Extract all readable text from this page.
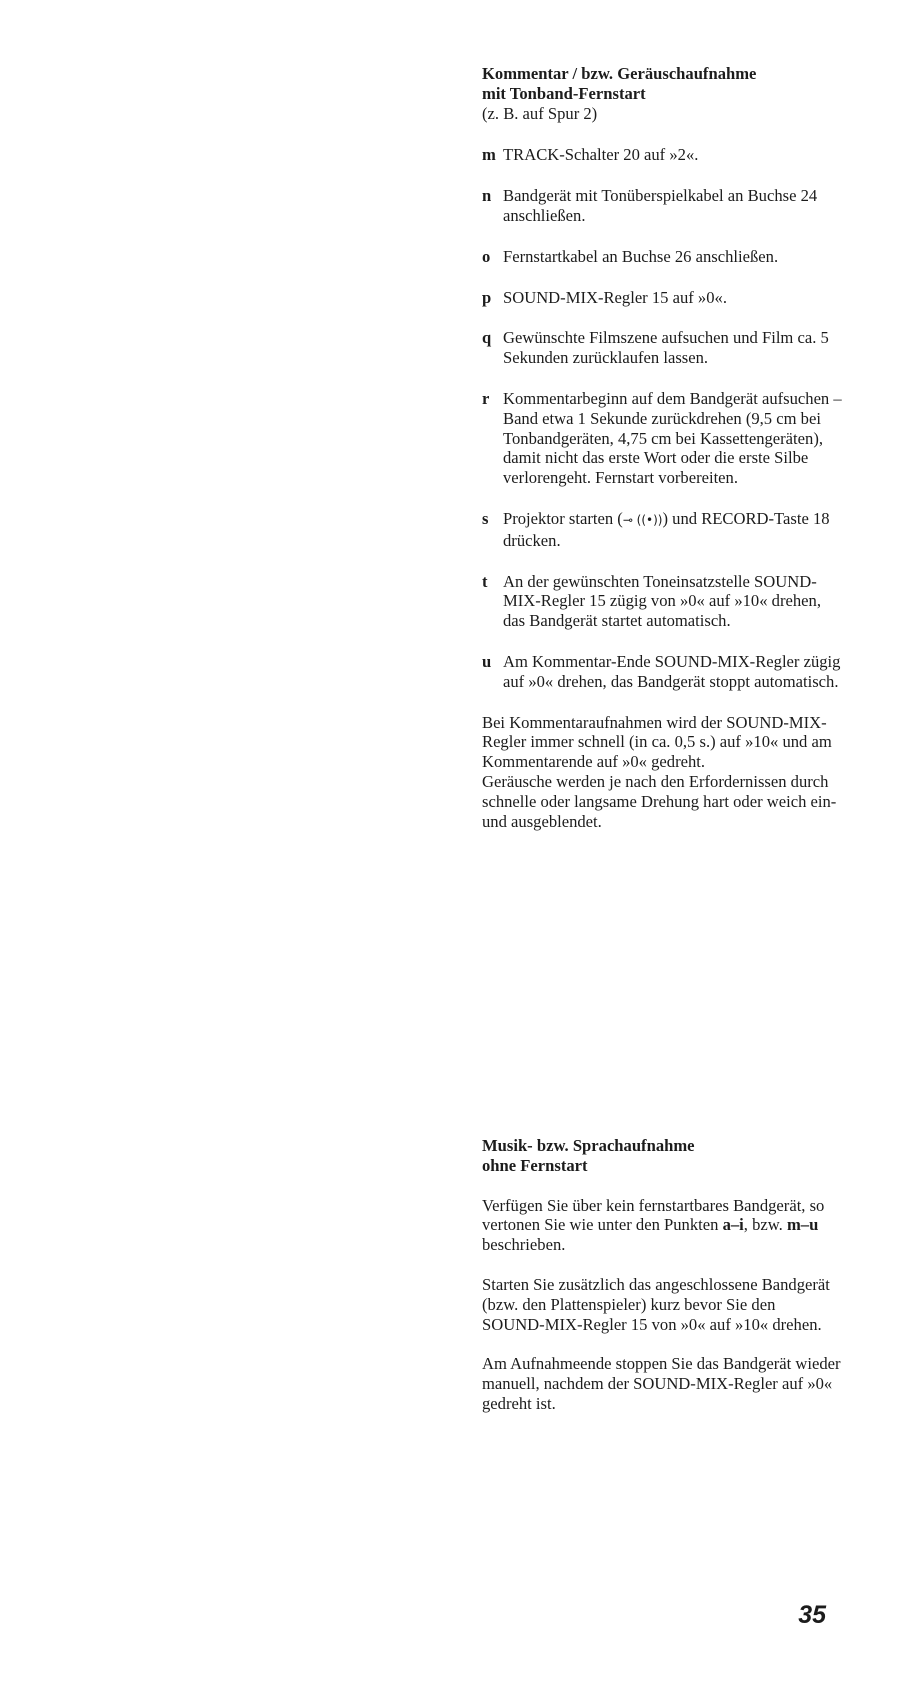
Kommentar / bzw. Geräuschaufnahme
mit Tonband-Fernstart

(z. B. auf Spur 2)

m TRACK-Schalter 20 auf »2«.
n Bandgerät mit Tonüberspielkabel an Buchse 24 anschließen.
o Fernstartkabel an Buchse 26 anschließen.
p SOUND-MIX-Regler 15 auf »0«.
q Gewünschte Filmszene aufsuchen und Film ca. 5 Sekunden zurücklaufen lassen.
r Kommentarbeginn auf dem Bandgerät aufsuchen – Band etwa 1 Sekunde zurückdrehen (9,5 cm bei Tonbandgeräten, 4,75 cm bei Kassettengeräten), damit nicht das erste Wort oder die erste Silbe verlorengeht. Fernstart vorbereiten.
s Projektor starten (⊸ ((•))) und RECORD-Taste 18 drücken.
t An der gewünschten Toneinsatzstelle SOUND-MIX-Regler 15 zügig von »0« auf »10« drehen, das Bandgerät startet automatisch.
u Am Kommentar-Ende SOUND-MIX-Regler zügig auf »0« drehen, das Bandgerät stoppt automatisch.

Bei Kommentaraufnahmen wird der SOUND-MIX-Regler immer schnell (in ca. 0,5 s.) auf »10« und am Kommentarende auf »0« gedreht.

Geräusche werden je nach den Erfordernissen durch schnelle oder langsame Drehung hart oder weich ein- und ausgeblendet.

Musik- bzw. Sprachaufnahme
ohne Fernstart

Verfügen Sie über kein fernstartbares Bandgerät, so vertonen Sie wie unter den Punkten a–i, bzw. m–u beschrieben.

Starten Sie zusätzlich das angeschlossene Bandgerät (bzw. den Plattenspieler) kurz bevor Sie den SOUND-MIX-Regler 15 von »0« auf »10« drehen.

Am Aufnahmeende stoppen Sie das Bandgerät wieder manuell, nachdem der SOUND-MIX-Regler auf »0« gedreht ist.

35
